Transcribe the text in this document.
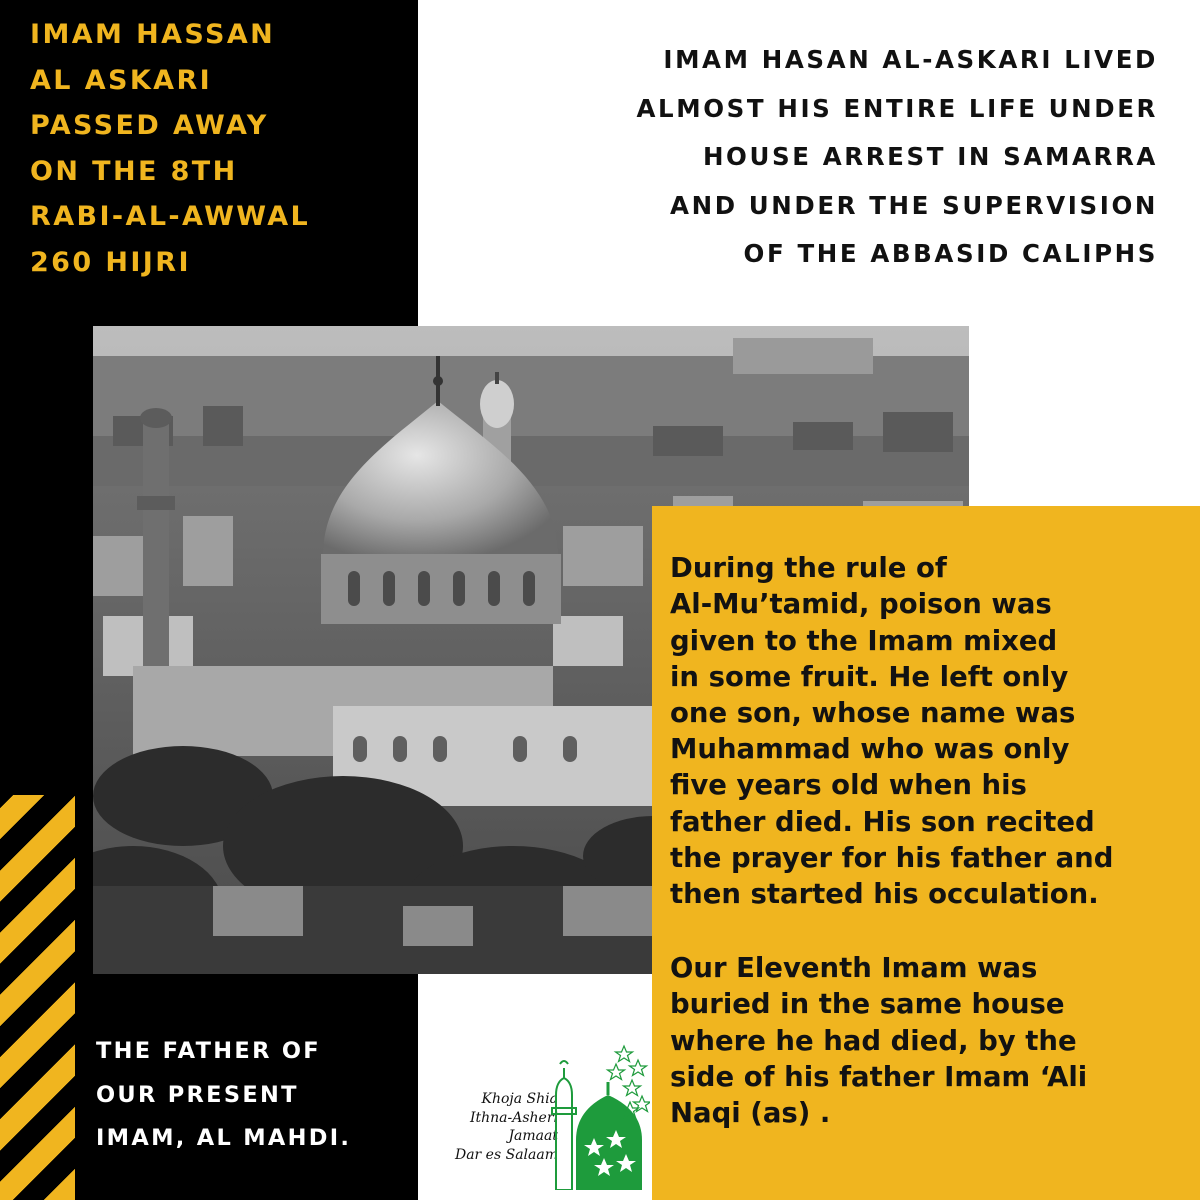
IMAM HASSAN
AL ASKARI
PASSED AWAY
ON THE 8TH
RABI-AL-AWWAL
260 HIJRI
IMAM HASAN AL-ASKARI LIVED
ALMOST HIS ENTIRE LIFE UNDER
HOUSE ARREST IN SAMARRA
AND UNDER THE SUPERVISION
OF THE ABBASID CALIPHS
THE FATHER OF
OUR PRESENT
IMAM, AL MAHDI.

During the rule of
Al-Mu’tamid, poison was
given to the Imam mixed
in some fruit. He left only
one son, whose name was
Muhammad who was only
five years old when his
father died. His son recited
the prayer for his father and
then started his occulation.

Our Eleventh Imam was
buried in the same house
where he had died, by the
side of his father Imam ‘Ali
Naqi (as) .

Khoja Shia
Ithna-Asheri
Jamaat
Dar es Salaam
